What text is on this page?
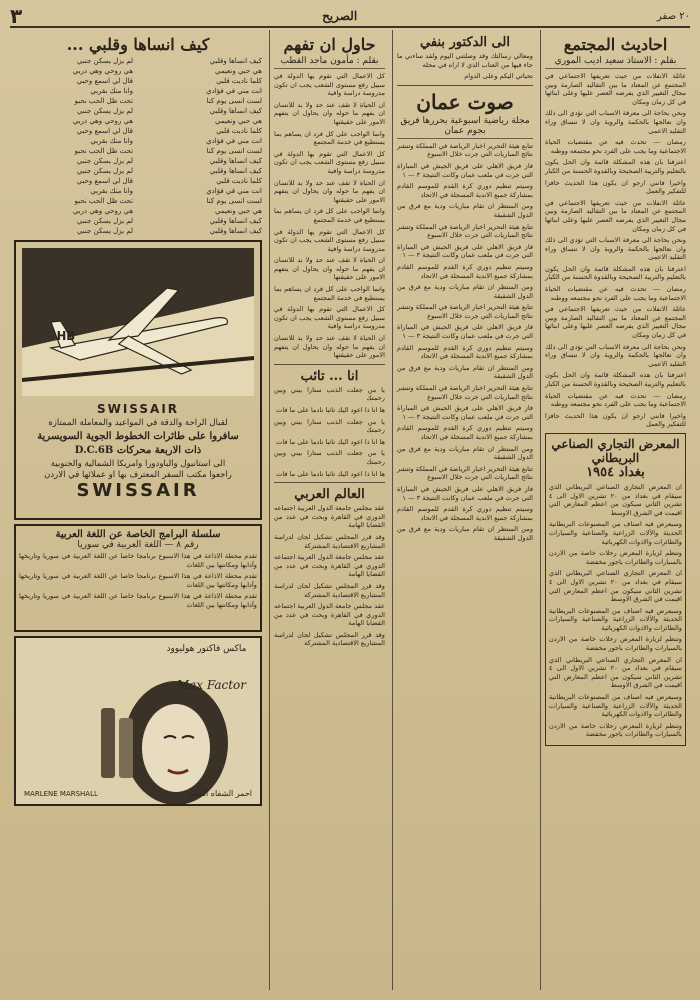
٢٠ صفر
الصريح
٣
احاديث المجتمع
بقلم : الاستاذ سعيد اديب الموري

عائلة الانفلات من حيث تعريفها الاجتماعي في المجتمع عن المعتاد ما بين التقاليد الصارمة وبين مجال التغيير الذي يفرضه العصر عليها وعلى ابنائها في كل زمان ومكان

ونحن بحاجة الى معرفة الاسباب التي تؤدي الى ذلك وان نعالجها بالحكمة والروية وان لا ننساق وراء التقليد الاعمى

رمضان — تحدث فيه عن مقتضيات الحياة الاجتماعية وما يجب على الفرد نحو مجتمعه ووطنه

اعترفنا بان هذه المشكلة قائمة وان الحل يكون بالتعليم والتربية الصحيحة وبالقدوة الحسنة من الكبار

واخيرا فانني ارجو ان يكون هذا الحديث حافزا للتفكير والعمل

عائلة الانفلات من حيث تعريفها الاجتماعي في المجتمع عن المعتاد ما بين التقاليد الصارمة وبين مجال التغيير الذي يفرضه العصر عليها وعلى ابنائها في كل زمان ومكان

ونحن بحاجة الى معرفة الاسباب التي تؤدي الى ذلك وان نعالجها بالحكمة والروية وان لا ننساق وراء التقليد الاعمى

اعترفنا بان هذه المشكلة قائمة وان الحل يكون بالتعليم والتربية الصحيحة وبالقدوة الحسنة من الكبار

رمضان — تحدث فيه عن مقتضيات الحياة الاجتماعية وما يجب على الفرد نحو مجتمعه ووطنه

عائلة الانفلات من حيث تعريفها الاجتماعي في المجتمع عن المعتاد ما بين التقاليد الصارمة وبين مجال التغيير الذي يفرضه العصر عليها وعلى ابنائها في كل زمان ومكان

ونحن بحاجة الى معرفة الاسباب التي تؤدي الى ذلك وان نعالجها بالحكمة والروية وان لا ننساق وراء التقليد الاعمى

اعترفنا بان هذه المشكلة قائمة وان الحل يكون بالتعليم والتربية الصحيحة وبالقدوة الحسنة من الكبار

رمضان — تحدث فيه عن مقتضيات الحياة الاجتماعية وما يجب على الفرد نحو مجتمعه ووطنه

واخيرا فانني ارجو ان يكون هذا الحديث حافزا للتفكير والعمل

المعرض التجاري الصناعي البريطاني
بغداد ١٩٥٤

ان المعرض التجاري الصناعي البريطاني الذي سيقام في بغداد من ٢٠ تشرين الاول الى ٤ تشرين الثاني سيكون من اعظم المعارض التي اقيمت في الشرق الاوسط

وسيعرض فيه اصناف من المصنوعات البريطانية الحديثة والآلات الزراعية والصناعية والسيارات والطائرات والادوات الكهربائية

وتنظم لزيارة المعرض رحلات خاصة من الاردن بالسيارات والطائرات باجور مخفضة

ان المعرض التجاري الصناعي البريطاني الذي سيقام في بغداد من ٢٠ تشرين الاول الى ٤ تشرين الثاني سيكون من اعظم المعارض التي اقيمت في الشرق الاوسط

وسيعرض فيه اصناف من المصنوعات البريطانية الحديثة والآلات الزراعية والصناعية والسيارات والطائرات والادوات الكهربائية

وتنظم لزيارة المعرض رحلات خاصة من الاردن بالسيارات والطائرات باجور مخفضة

ان المعرض التجاري الصناعي البريطاني الذي سيقام في بغداد من ٢٠ تشرين الاول الى ٤ تشرين الثاني سيكون من اعظم المعارض التي اقيمت في الشرق الاوسط

وسيعرض فيه اصناف من المصنوعات البريطانية الحديثة والآلات الزراعية والصناعية والسيارات والطائرات والادوات الكهربائية

وتنظم لزيارة المعرض رحلات خاصة من الاردن بالسيارات والطائرات باجور مخفضة

الى الدكتور بنفي

ومعالي رسالتك وقد وصلتني اليوم ولقد ساءني ما جاء فيها من العتاب الذي لا اراه في محله

تحياتي اليكم وعلى الدوام

صوت عمان
مجلة رياضية اسبوعية يحررها فريق بجوم عمان

تتابع هيئة التحرير اخبار الرياضة في المملكة وتنشر نتائج المباريات التي جرت خلال الاسبوع

فاز فريق الاهلي على فريق الجيش في المباراة التي جرت في ملعب عمان وكانت النتيجة ٣ — ١

وسيتم تنظيم دوري كرة القدم للموسم القادم بمشاركة جميع الاندية المسجلة في الاتحاد

ومن المنتظر ان تقام مباريات ودية مع فرق من الدول الشقيقة

تتابع هيئة التحرير اخبار الرياضة في المملكة وتنشر نتائج المباريات التي جرت خلال الاسبوع

فاز فريق الاهلي على فريق الجيش في المباراة التي جرت في ملعب عمان وكانت النتيجة ٣ — ١

وسيتم تنظيم دوري كرة القدم للموسم القادم بمشاركة جميع الاندية المسجلة في الاتحاد

ومن المنتظر ان تقام مباريات ودية مع فرق من الدول الشقيقة

تتابع هيئة التحرير اخبار الرياضة في المملكة وتنشر نتائج المباريات التي جرت خلال الاسبوع

فاز فريق الاهلي على فريق الجيش في المباراة التي جرت في ملعب عمان وكانت النتيجة ٣ — ١

وسيتم تنظيم دوري كرة القدم للموسم القادم بمشاركة جميع الاندية المسجلة في الاتحاد

ومن المنتظر ان تقام مباريات ودية مع فرق من الدول الشقيقة

تتابع هيئة التحرير اخبار الرياضة في المملكة وتنشر نتائج المباريات التي جرت خلال الاسبوع

فاز فريق الاهلي على فريق الجيش في المباراة التي جرت في ملعب عمان وكانت النتيجة ٣ — ١

وسيتم تنظيم دوري كرة القدم للموسم القادم بمشاركة جميع الاندية المسجلة في الاتحاد

ومن المنتظر ان تقام مباريات ودية مع فرق من الدول الشقيقة

تتابع هيئة التحرير اخبار الرياضة في المملكة وتنشر نتائج المباريات التي جرت خلال الاسبوع

فاز فريق الاهلي على فريق الجيش في المباراة التي جرت في ملعب عمان وكانت النتيجة ٣ — ١

وسيتم تنظيم دوري كرة القدم للموسم القادم بمشاركة جميع الاندية المسجلة في الاتحاد

ومن المنتظر ان تقام مباريات ودية مع فرق من الدول الشقيقة

حاول ان تفهم
بقلم : مأمون ماجد القطب

كل الاعمال التي تقوم بها الدولة في سبيل رفع مستوى الشعب يجب ان تكون مدروسة دراسة وافية

ان الحياة لا تقف عند حد ولا بد للانسان ان يفهم ما حوله وان يحاول ان يتفهم الامور على حقيقتها

وانما الواجب على كل فرد ان يساهم بما يستطيع في خدمة المجتمع

كل الاعمال التي تقوم بها الدولة في سبيل رفع مستوى الشعب يجب ان تكون مدروسة دراسة وافية

ان الحياة لا تقف عند حد ولا بد للانسان ان يفهم ما حوله وان يحاول ان يتفهم الامور على حقيقتها

وانما الواجب على كل فرد ان يساهم بما يستطيع في خدمة المجتمع

كل الاعمال التي تقوم بها الدولة في سبيل رفع مستوى الشعب يجب ان تكون مدروسة دراسة وافية

ان الحياة لا تقف عند حد ولا بد للانسان ان يفهم ما حوله وان يحاول ان يتفهم الامور على حقيقتها

وانما الواجب على كل فرد ان يساهم بما يستطيع في خدمة المجتمع

كل الاعمال التي تقوم بها الدولة في سبيل رفع مستوى الشعب يجب ان تكون مدروسة دراسة وافية

ان الحياة لا تقف عند حد ولا بد للانسان ان يفهم ما حوله وان يحاول ان يتفهم الامور على حقيقتها

انا ... تائب

يا من جعلت الذنب ستارا بيني وبين رحمتك

ها انا ذا اعود اليك تائبا نادما على ما فات

يا من جعلت الذنب ستارا بيني وبين رحمتك

ها انا ذا اعود اليك تائبا نادما على ما فات

يا من جعلت الذنب ستارا بيني وبين رحمتك

ها انا ذا اعود اليك تائبا نادما على ما فات

العالم العربي

عقد مجلس جامعة الدول العربية اجتماعه الدوري في القاهرة وبحث في عدد من القضايا الهامة

وقد قرر المجلس تشكيل لجان لدراسة المشاريع الاقتصادية المشتركة

عقد مجلس جامعة الدول العربية اجتماعه الدوري في القاهرة وبحث في عدد من القضايا الهامة

وقد قرر المجلس تشكيل لجان لدراسة المشاريع الاقتصادية المشتركة

عقد مجلس جامعة الدول العربية اجتماعه الدوري في القاهرة وبحث في عدد من القضايا الهامة

وقد قرر المجلس تشكيل لجان لدراسة المشاريع الاقتصادية المشتركة

كيف انساها وقلبي ...
كيف انساها وقلبي
لم يزل يسكن جنبي
هي حبي ونعيمي
هي روحي وهي دربي
كلما ناديت قلبي
قال لي اسمع وحبي
انت مني في فؤادي
وانا منك بقربي
لست انسى يوم كنا
تحت ظل الحب نحبو
كيف انساها وقلبي
لم يزل يسكن جنبي
هي حبي ونعيمي
هي روحي وهي دربي
كلما ناديت قلبي
قال لي اسمع وحبي
انت مني في فؤادي
وانا منك بقربي
لست انسى يوم كنا
تحت ظل الحب نحبو
كيف انساها وقلبي
لم يزل يسكن جنبي
كيف انساها وقلبي
لم يزل يسكن جنبي
كلما ناديت قلبي
قال لي اسمع وحبي
انت مني في فؤادي
وانا منك بقربي
لست انسى يوم كنا
تحت ظل الحب نحبو
هي حبي ونعيمي
هي روحي وهي دربي
كيف انساها وقلبي
لم يزل يسكن جنبي
كيف انساها وقلبي
لم يزل يسكن جنبي
HB
SWISSAIR
لقبال الراحة والدقة في المواعيد والمعاملة الممتازة
سافروا على طائرات الخطوط الجوية السويسرية
ذات الاربعة محركات D.C.6B
الى استانبول والباودورا وامريكا الشمالية والجنوبية
راجعوا مكتب السفر المعترف بها او عملائها في الاردن
SWISSAIR
سلسلة البرامج الخاصة عن اللغة العربية
رقم ٨ — اللغة العربية في سوريا

تقدم محطة الاذاعة في هذا الاسبوع برنامجا خاصا عن اللغة العربية في سوريا وتاريخها وآدابها ومكانتها بين اللغات

تقدم محطة الاذاعة في هذا الاسبوع برنامجا خاصا عن اللغة العربية في سوريا وتاريخها وآدابها ومكانتها بين اللغات

تقدم محطة الاذاعة في هذا الاسبوع برنامجا خاصا عن اللغة العربية في سوريا وتاريخها وآدابها ومكانتها بين اللغات

ماكس فاكتور هوليوود
Max Factor
MARLENE MARSHALL	احمر الشفاه الجديد
